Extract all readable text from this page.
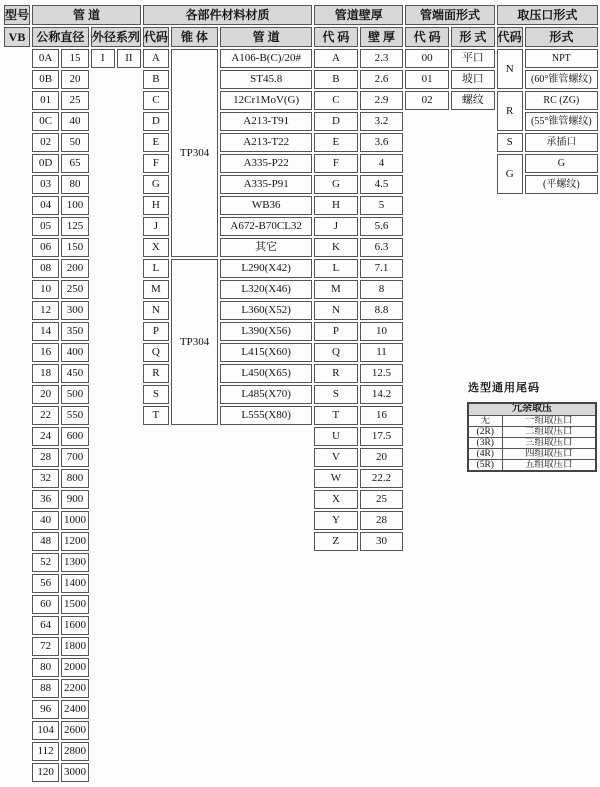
型号	管 道				各部件材料材质			管道壁厚		管端面形式		取压口形式	
VB	公称直径		外径系列		代码	锥 体	管 道	代 码	壁 厚	代 码	形 式	代码	形式
	0A	15	I	II	A	TP304	A106-B(C)/20#	A	2.3	00	平口	N	NPT
	0B	20			B		ST45.8	B	2.6	01	坡口		(60°锥管螺纹)
	01	25			C		12Cr1MoV(G)	C	2.9	02	螺纹	R	RC (ZG)
	0C	40			D		A213-T91	D	3.2				(55°锥管螺纹)
	02	50			E		A213-T22	E	3.6			S	承插口
	0D	65			F		A335-P22	F	4			G	G
	03	80			G		A335-P91	G	4.5				(平螺纹)
	04	100			H		WB36	H	5				
	05	125			J		A672-B70CL32	J	5.6				
	06	150			X		其它	K	6.3				
	08	200			L	TP304	L290(X42)	L	7.1				
	10	250			M		L320(X46)	M	8				
	12	300			N		L360(X52)	N	8.8				
	14	350			P		L390(X56)	P	10				
	16	400			Q		L415(X60)	Q	11				
	18	450			R		L450(X65)	R	12.5				
	20	500			S		L485(X70)	S	14.2				
	22	550			T		L555(X80)	T	16				
	24	600						U	17.5				
	28	700						V	20				
	32	800						W	22.2				
	36	900						X	25				
	40	1000						Y	28				
	48	1200						Z	30				
	52	1300											
	56	1400											
	60	1500											
	64	1600											
	72	1800											
	80	2000											
	88	2200											
	96	2400											
	104	2600											
	112	2800											
	120	3000											
选型通用尾码
冗余取压	
无	一组取压口
(2R)	二组取压口
(3R)	三组取压口
(4R)	四组取压口
(5R)	五组取压口
